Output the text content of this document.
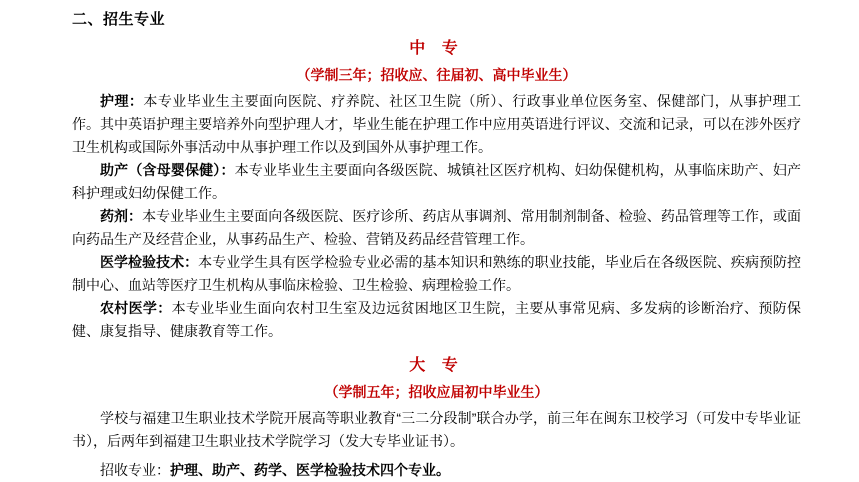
二、招生专业
中 专
（学制三年；招收应、往届初、高中毕业生）

护理：本专业毕业生主要面向医院、疗养院、社区卫生院（所）、行政事业单位医务室、保健部门，从事护理工作。其中英语护理主要培养外向型护理人才，毕业生能在护理工作中应用英语进行评议、交流和记录，可以在涉外医疗卫生机构或国际外事活动中从事护理工作以及到国外从事护理工作。

助产（含母婴保健）：本专业毕业生主要面向各级医院、城镇社区医疗机构、妇幼保健机构，从事临床助产、妇产科护理或妇幼保健工作。

药剂：本专业毕业生主要面向各级医院、医疗诊所、药店从事调剂、常用制剂制备、检验、药品管理等工作，或面向药品生产及经营企业，从事药品生产、检验、营销及药品经营管理工作。

医学检验技术：本专业学生具有医学检验专业必需的基本知识和熟练的职业技能，毕业后在各级医院、疾病预防控制中心、血站等医疗卫生机构从事临床检验、卫生检验、病理检验工作。

农村医学：本专业毕业生面向农村卫生室及边远贫困地区卫生院，主要从事常见病、多发病的诊断治疗、预防保健、康复指导、健康教育等工作。

大 专
（学制五年；招收应届初中毕业生）

学校与福建卫生职业技术学院开展高等职业教育“三二分段制”联合办学，前三年在闽东卫校学习（可发中专毕业证书），后两年到福建卫生职业技术学院学习（发大专毕业证书）。

招收专业：护理、助产、药学、医学检验技术四个专业。
